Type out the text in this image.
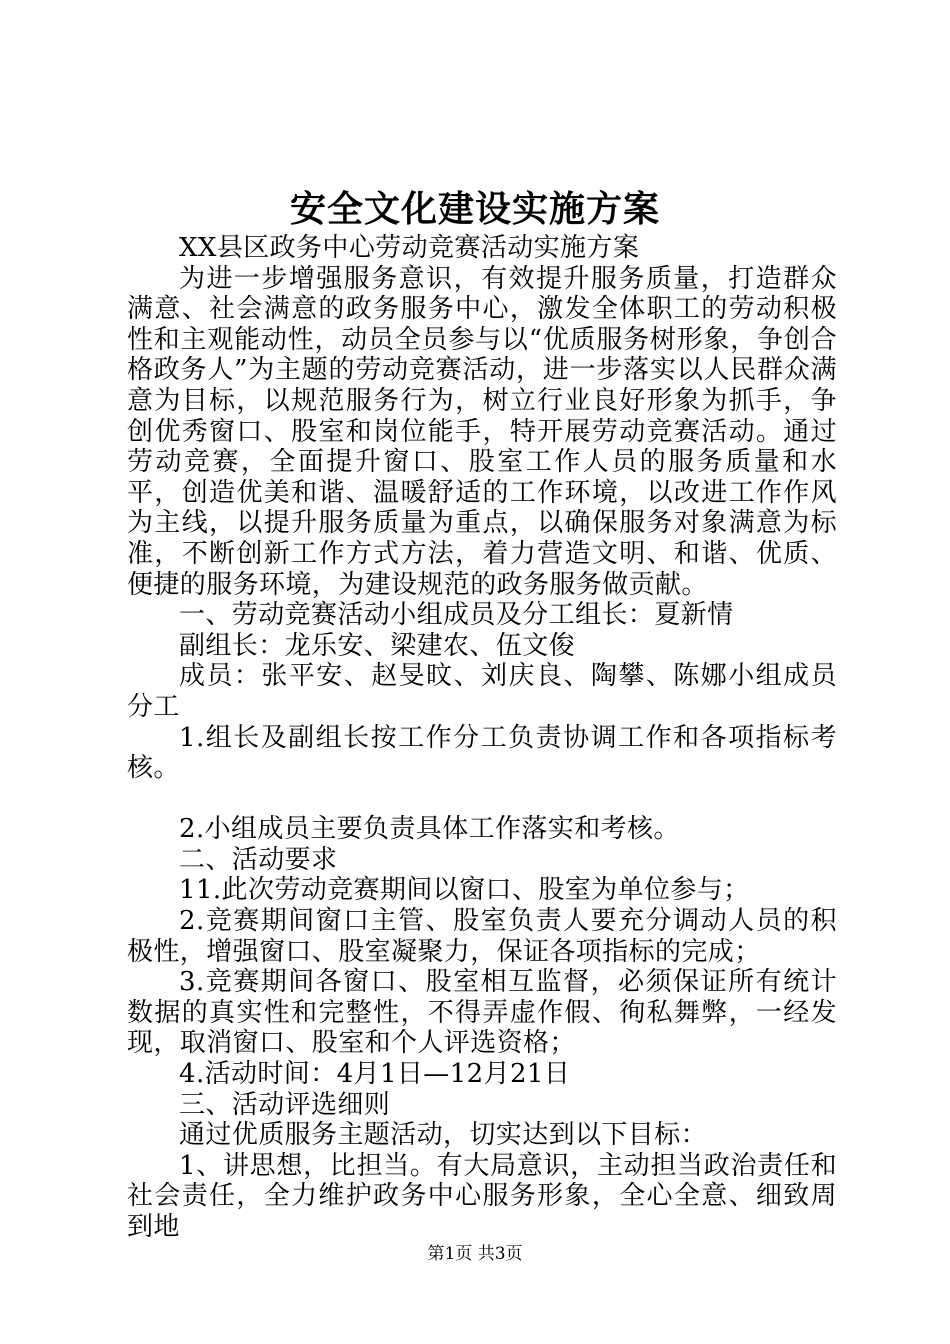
安全文化建设实施方案

XX县区政务中心劳动竞赛活动实施方案

为进一步增强服务意识，有效提升服务质量，打造群众满意、社会满意的政务服务中心，激发全体职工的劳动积极性和主观能动性，动员全员参与以“优质服务树形象，争创合格政务人”为主题的劳动竞赛活动，进一步落实以人民群众满意为目标，以规范服务行为，树立行业良好形象为抓手，争创优秀窗口、股室和岗位能手，特开展劳动竞赛活动。通过劳动竞赛，全面提升窗口、股室工作人员的服务质量和水平，创造优美和谐、温暖舒适的工作环境，以改进工作作风为主线，以提升服务质量为重点，以确保服务对象满意为标准，不断创新工作方式方法，着力营造文明、和谐、优质、便捷的服务环境，为建设规范的政务服务做贡献。

一、劳动竞赛活动小组成员及分工组长：夏新情

副组长：龙乐安、梁建农、伍文俊

成员：张平安、赵旻旼、刘庆良、陶攀、陈娜小组成员分工

1.组长及副组长按工作分工负责协调工作和各项指标考核。

2.小组成员主要负责具体工作落实和考核。

二、活动要求

11.此次劳动竞赛期间以窗口、股室为单位参与；

2.竞赛期间窗口主管、股室负责人要充分调动人员的积极性，增强窗口、股室凝聚力，保证各项指标的完成；

3.竞赛期间各窗口、股室相互监督，必须保证所有统计数据的真实性和完整性，不得弄虚作假、徇私舞弊，一经发现，取消窗口、股室和个人评选资格；

4.活动时间：4月1日—12月21日

三、活动评选细则

通过优质服务主题活动，切实达到以下目标：

1、讲思想，比担当。有大局意识，主动担当政治责任和社会责任，全力维护政务中心服务形象，全心全意、细致周到地

第1页 共3页
